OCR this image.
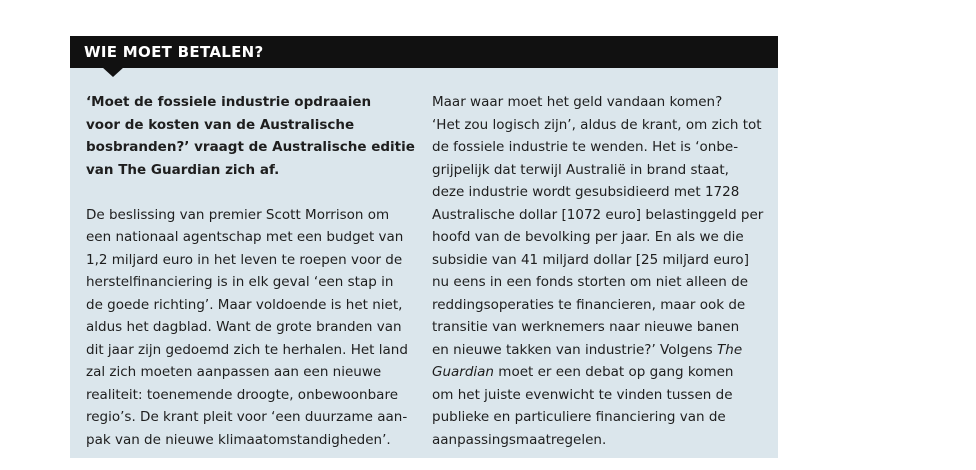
WIE MOET BETALEN?
‘Moet de fossiele industrie opdraaien
voor de kosten van de Australische
bosbranden?’ vraagt de Australische editie
van The Guardian zich af.
De beslissing van premier Scott Morrison om
een nationaal agentschap met een budget van
1,2 miljard euro in het leven te roepen voor de
herstelfinanciering is in elk geval ‘een stap in
de goede richting’. Maar voldoende is het niet,
aldus het dagblad. Want de grote branden van
dit jaar zijn gedoemd zich te herhalen. Het land
zal zich moeten aanpassen aan een nieuwe
realiteit: toenemende droogte, onbewoonbare
regio’s. De krant pleit voor ‘een duurzame aan-
pak van de nieuwe klimaatomstandigheden’.
Maar waar moet het geld vandaan komen?
‘Het zou logisch zijn’, aldus de krant, om zich tot
de fossiele industrie te wenden. Het is ‘onbe-
grijpelijk dat terwijl Australië in brand staat,
deze industrie wordt gesubsidieerd met 1728
Australische dollar [1072 euro] belastinggeld per
hoofd van de bevolking per jaar. En als we die
subsidie van 41 miljard dollar [25 miljard euro]
nu eens in een fonds storten om niet alleen de
reddingsoperaties te financieren, maar ook de
transitie van werknemers naar nieuwe banen
en nieuwe takken van industrie?’ Volgens The
Guardian moet er een debat op gang komen
om het juiste evenwicht te vinden tussen de
publieke en particuliere financiering van de
aanpassingsmaatregelen.
